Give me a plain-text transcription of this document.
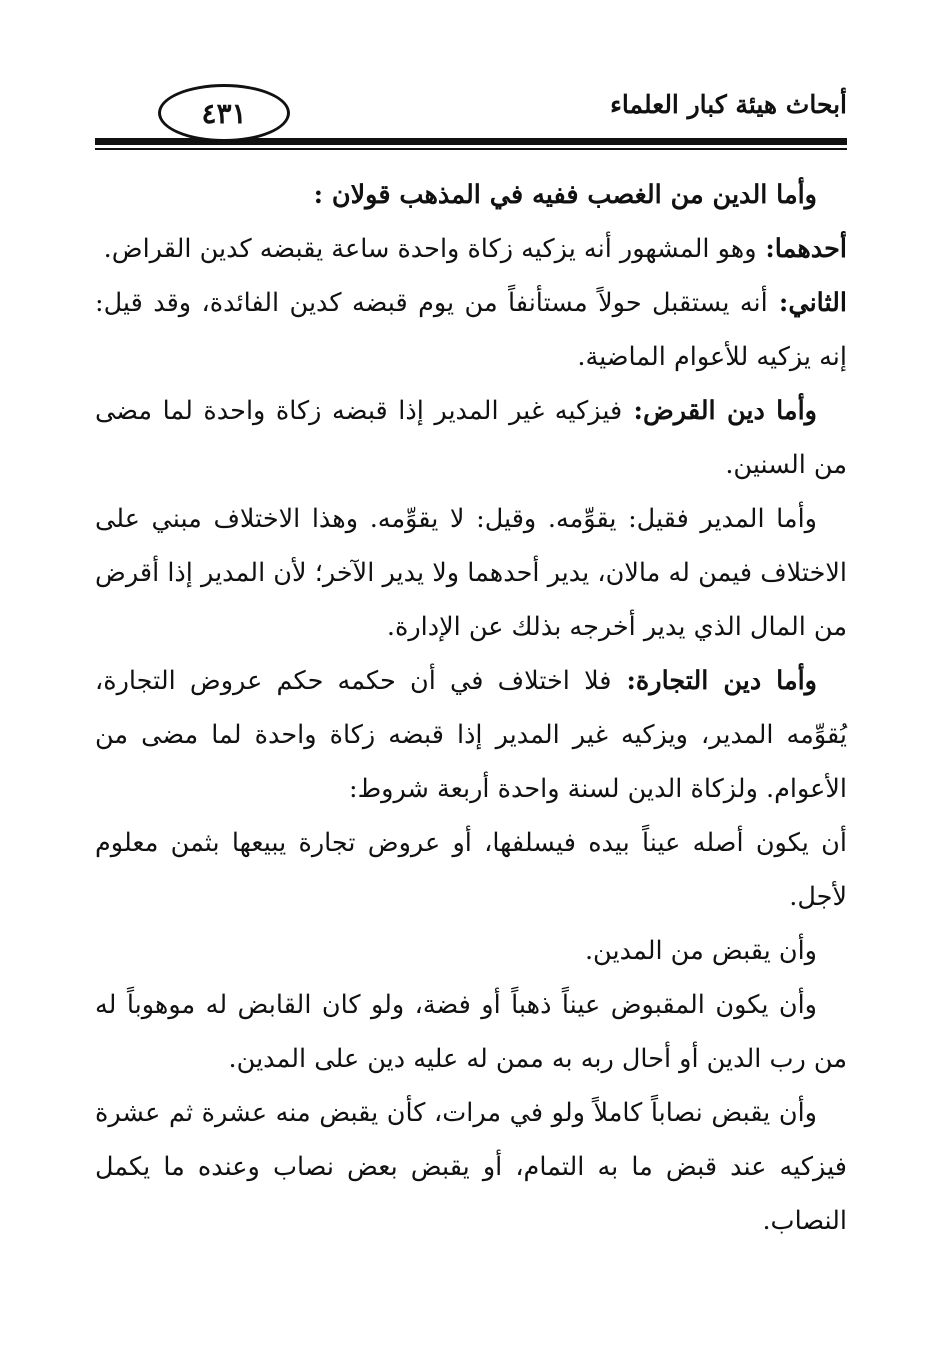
٤٣١	أبحاث هيئة كبار العلماء

وأما الدين من الغصب ففيه في المذهب قولان :

أحدهما: وهو المشهور أنه يزكيه زكاة واحدة ساعة يقبضه كدين القراض.

الثاني: أنه يستقبل حولاً مستأنفاً من يوم قبضه كدين الفائدة، وقد قيل: إنه يزكيه للأعوام الماضية.

وأما دين القرض: فيزكيه غير المدير إذا قبضه زكاة واحدة لما مضى من السنين.

وأما المدير فقيل: يقوِّمه. وقيل: لا يقوِّمه. وهذا الاختلاف مبني على الاختلاف فيمن له مالان، يدير أحدهما ولا يدير الآخر؛ لأن المدير إذا أقرض من المال الذي يدير أخرجه بذلك عن الإدارة.

وأما دين التجارة: فلا اختلاف في أن حكمه حكم عروض التجارة، يُقوِّمه المدير، ويزكيه غير المدير إذا قبضه زكاة واحدة لما مضى من الأعوام. ولزكاة الدين لسنة واحدة أربعة شروط:

أن يكون أصله عيناً بيده فيسلفها، أو عروض تجارة يبيعها بثمن معلوم لأجل.

وأن يقبض من المدين.

وأن يكون المقبوض عيناً ذهباً أو فضة، ولو كان القابض له موهوباً له من رب الدين أو أحال ربه به ممن له عليه دين على المدين.

وأن يقبض نصاباً كاملاً ولو في مرات، كأن يقبض منه عشرة ثم عشرة فيزكيه عند قبض ما به التمام، أو يقبض بعض نصاب وعنده ما يكمل النصاب.
